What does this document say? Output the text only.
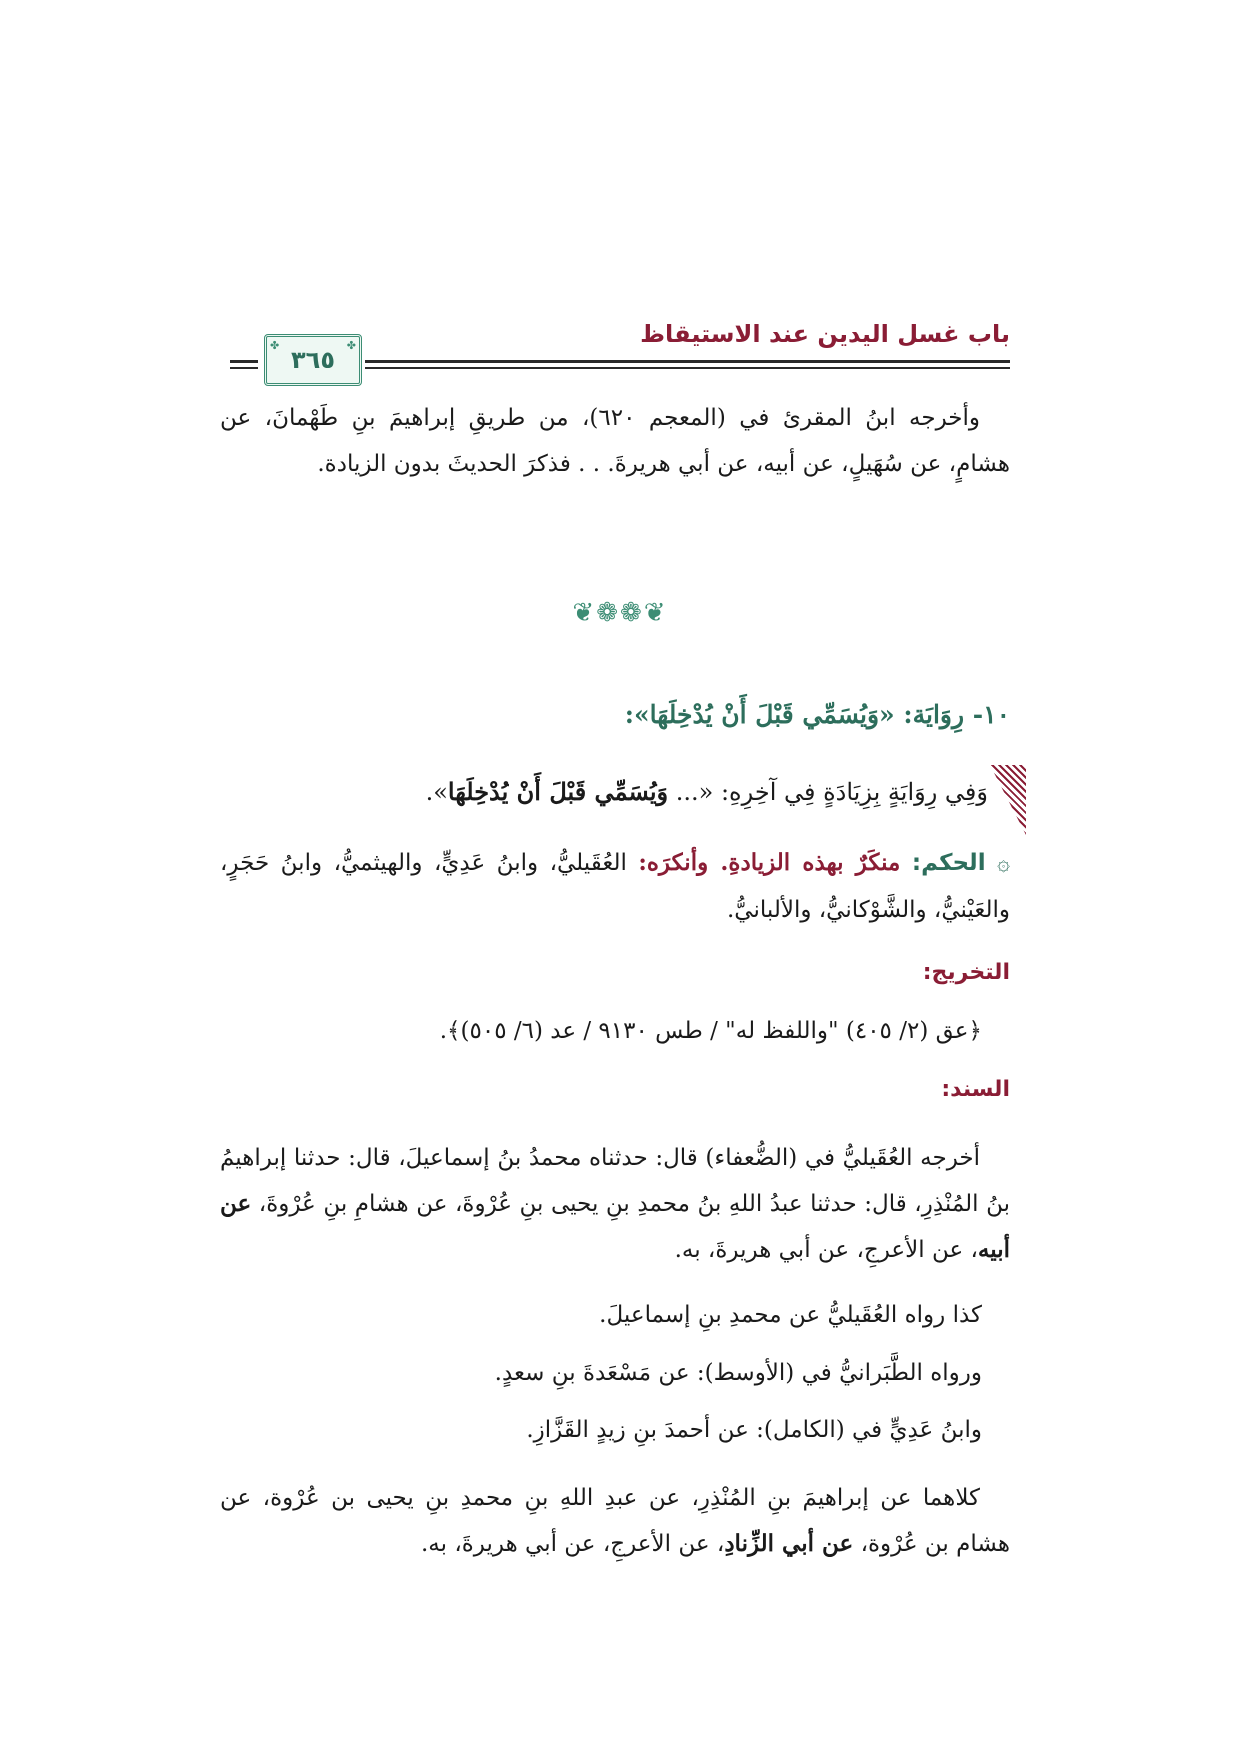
باب غسل اليدين عند الاستيقاظ
✤ ٣٦٥ ✤
وأخرجه ابنُ المقرئ في (المعجم ٦٢٠)، من طريقِ إبراهيمَ بنِ طَهْمانَ، عن هشامٍ، عن سُهَيلٍ، عن أبيه، عن أبي هريرةَ. . . فذكرَ الحديثَ بدون الزيادة.
❦❁❁❦
١٠- رِوَايَة: «وَيُسَمِّي قَبْلَ أَنْ يُدْخِلَهَا»:
وَفِي رِوَايَةٍ بِزِيَادَةٍ فِي آخِرِهِ: «... وَيُسَمِّي قَبْلَ أَنْ يُدْخِلَهَا».
۞ الحكم: منكَرٌ بهذه الزيادةِ. وأنكرَه: العُقَيليُّ، وابنُ عَدِيٍّ، والهيثميُّ، وابنُ حَجَرٍ، والعَيْنيُّ، والشَّوْكانيُّ، والألبانيُّ.
التخريج:
﴿عق (٢/ ٤٠٥) "واللفظ له" / طس ٩١٣٠ / عد (٦/ ٥٠٥)﴾.
السند:
أخرجه العُقَيليُّ في (الضُّعفاء) قال: حدثناه محمدُ بنُ إسماعيلَ، قال: حدثنا إبراهيمُ بنُ المُنْذِرِ، قال: حدثنا عبدُ اللهِ بنُ محمدِ بنِ يحيى بنِ عُرْوةَ، عن هشامِ بنِ عُرْوةَ، عن أبيه، عن الأعرجِ، عن أبي هريرةَ، به.
كذا رواه العُقَيليُّ عن محمدِ بنِ إسماعيلَ.
ورواه الطَّبَرانيُّ في (الأوسط): عن مَسْعَدةَ بنِ سعدٍ.
وابنُ عَدِيٍّ في (الكامل): عن أحمدَ بنِ زيدٍ القَزَّازِ.
كلاهما عن إبراهيمَ بنِ المُنْذِرِ، عن عبدِ اللهِ بنِ محمدِ بنِ يحيى بن عُرْوة، عن هشام بن عُرْوة، عن أبي الزِّنادِ، عن الأعرجِ، عن أبي هريرةَ، به.
